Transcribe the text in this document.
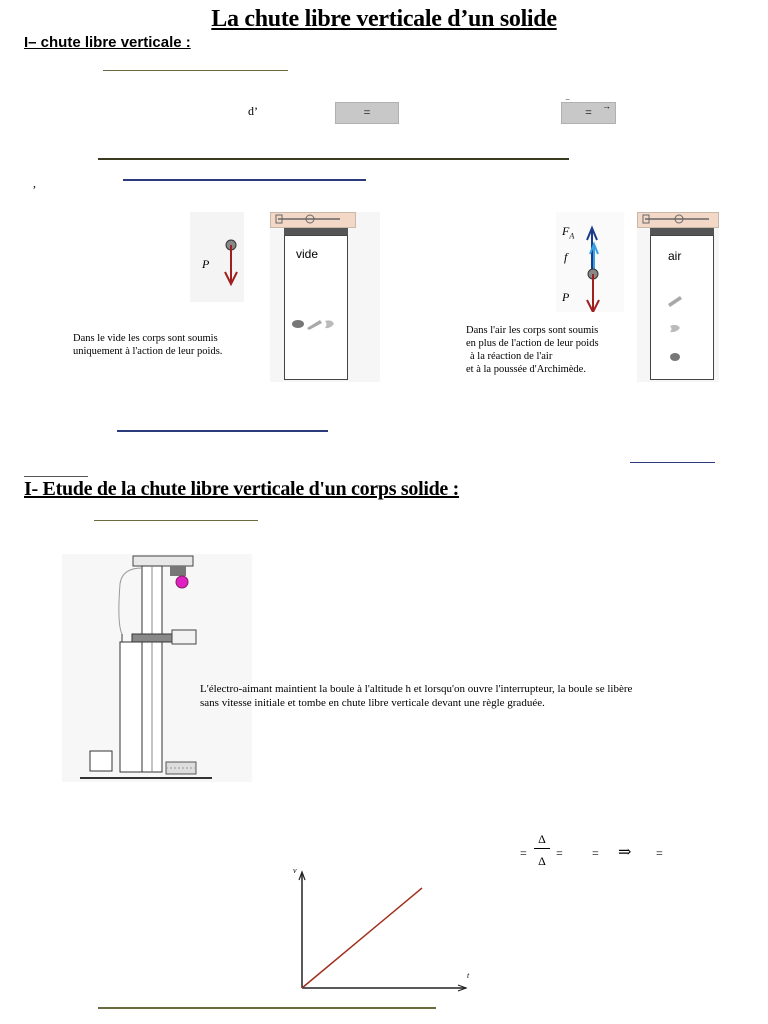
La chute libre verticale d’un solide
I– chute libre verticale :
d’	=	‾ = →
,
P
vide
Dans le vide les corps sont soumis
uniquement à l'action de leur poids.
$F_A$
f
P
air
Dans l'air les corps sont soumis
en plus de l'action de leur poids
à la réaction de l'air
et à la poussée d'Archimède.
I- Etude de la chute libre verticale d'un corps solide :
L'électro-aimant maintient la boule à l'altitude h et lorsqu'on ouvre l'interrupteur, la boule se libère
sans vitesse initiale et tombe en chute libre verticale devant une règle graduée.
=
Δ
Δ
= = ⇒ =
v
t
